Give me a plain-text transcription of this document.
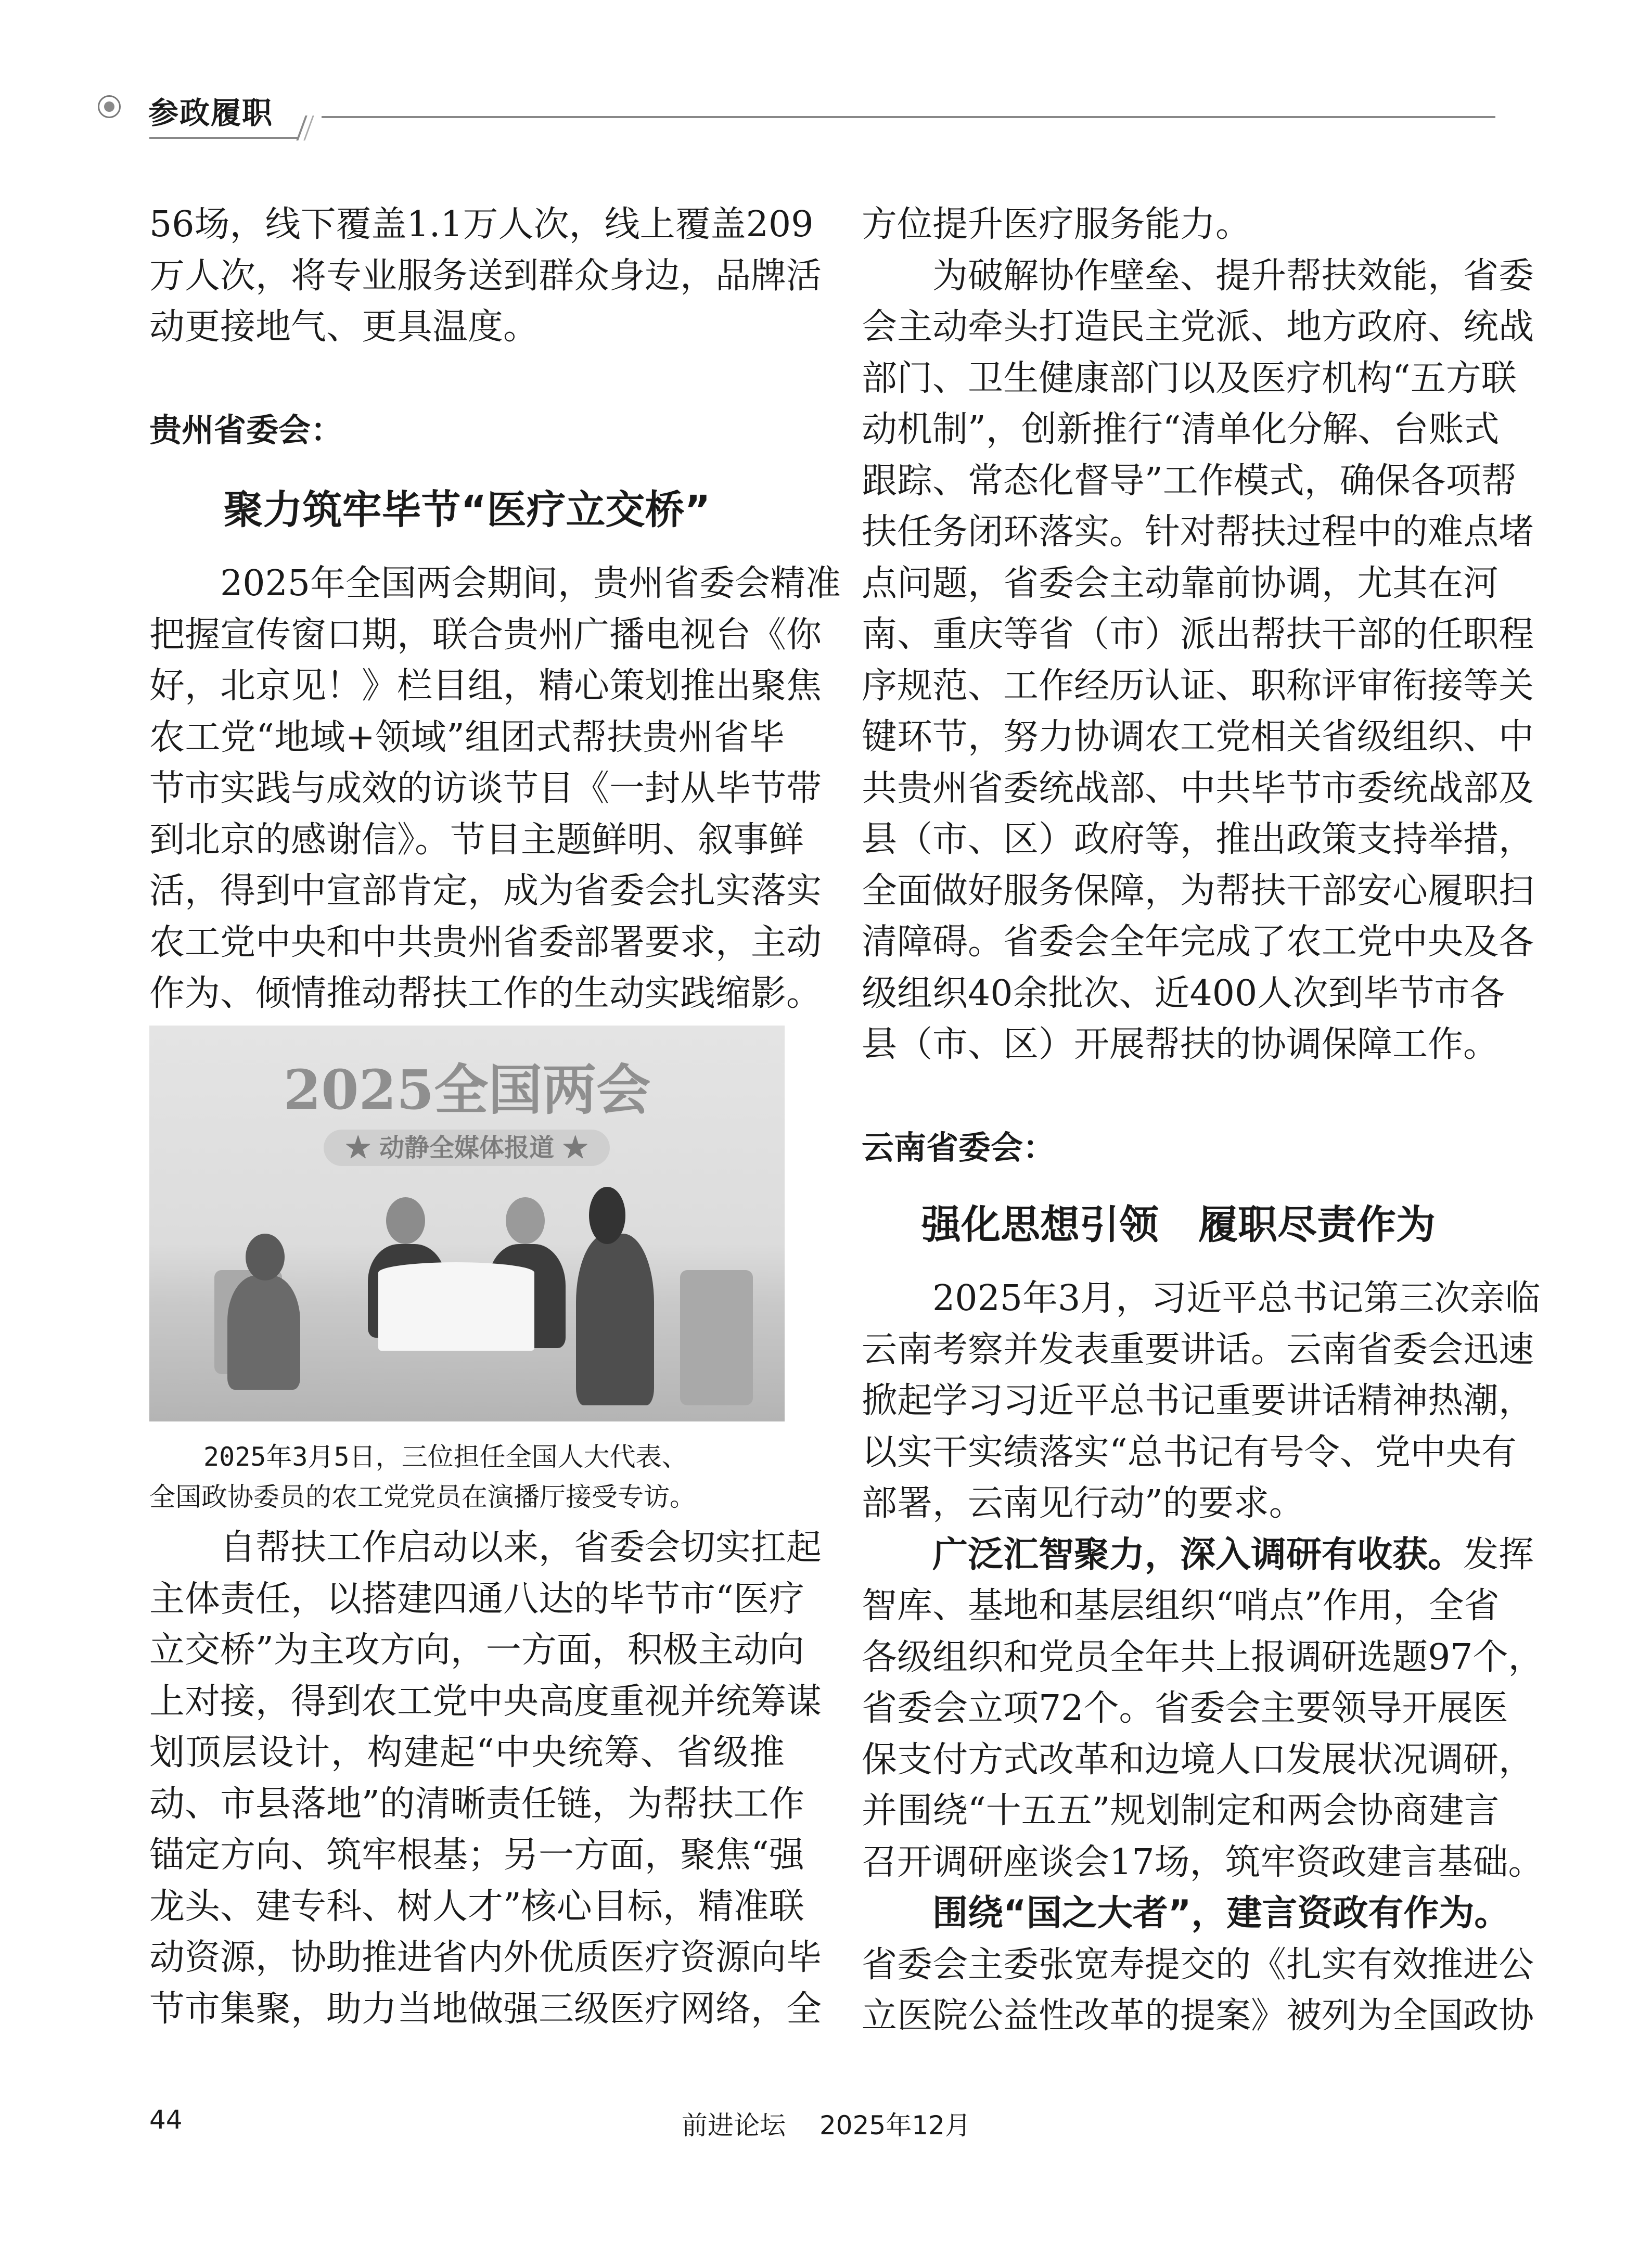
参政履职
56场，线下覆盖1.1万人次，线上覆盖209
万人次，将专业服务送到群众身边，品牌活
动更接地气、更具温度。
贵州省委会：
聚力筑牢毕节“医疗立交桥”
2025年全国两会期间，贵州省委会精准
把握宣传窗口期，联合贵州广播电视台《你
好，北京见！》栏目组，精心策划推出聚焦
农工党“地域+领域”组团式帮扶贵州省毕
节市实践与成效的访谈节目《一封从毕节带
到北京的感谢信》。节目主题鲜明、叙事鲜
活，得到中宣部肯定，成为省委会扎实落实
农工党中央和中共贵州省委部署要求，主动
作为、倾情推动帮扶工作的生动实践缩影。
2025全国两会
★ 动静全媒体报道 ★
2025年3月5日，三位担任全国人大代表、
全国政协委员的农工党党员在演播厅接受专访。
自帮扶工作启动以来，省委会切实扛起
主体责任，以搭建四通八达的毕节市“医疗
立交桥”为主攻方向，一方面，积极主动向
上对接，得到农工党中央高度重视并统筹谋
划顶层设计，构建起“中央统筹、省级推
动、市县落地”的清晰责任链，为帮扶工作
锚定方向、筑牢根基；另一方面，聚焦“强
龙头、建专科、树人才”核心目标，精准联
动资源，协助推进省内外优质医疗资源向毕
节市集聚，助力当地做强三级医疗网络，全
方位提升医疗服务能力。
为破解协作壁垒、提升帮扶效能，省委
会主动牵头打造民主党派、地方政府、统战
部门、卫生健康部门以及医疗机构“五方联
动机制”，创新推行“清单化分解、台账式
跟踪、常态化督导”工作模式，确保各项帮
扶任务闭环落实。针对帮扶过程中的难点堵
点问题，省委会主动靠前协调，尤其在河
南、重庆等省（市）派出帮扶干部的任职程
序规范、工作经历认证、职称评审衔接等关
键环节，努力协调农工党相关省级组织、中
共贵州省委统战部、中共毕节市委统战部及
县（市、区）政府等，推出政策支持举措，
全面做好服务保障，为帮扶干部安心履职扫
清障碍。省委会全年完成了农工党中央及各
级组织40余批次、近400人次到毕节市各
县（市、区）开展帮扶的协调保障工作。
云南省委会：
强化思想引领　履职尽责作为
2025年3月，习近平总书记第三次亲临
云南考察并发表重要讲话。云南省委会迅速
掀起学习习近平总书记重要讲话精神热潮，
以实干实绩落实“总书记有号令、党中央有
部署，云南见行动”的要求。
广泛汇智聚力，深入调研有收获。发挥
智库、基地和基层组织“哨点”作用，全省
各级组织和党员全年共上报调研选题97个，
省委会立项72个。省委会主要领导开展医
保支付方式改革和边境人口发展状况调研，
并围绕“十五五”规划制定和两会协商建言
召开调研座谈会17场，筑牢资政建言基础。
围绕“国之大者”，建言资政有作为。
省委会主委张宽寿提交的《扎实有效推进公
立医院公益性改革的提案》被列为全国政协
44	前进论坛 2025年12月
